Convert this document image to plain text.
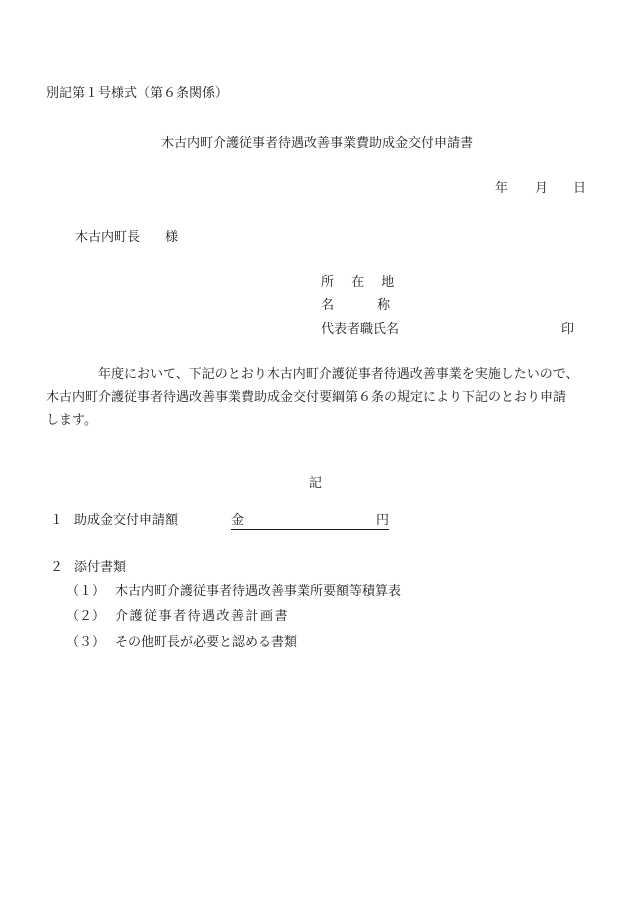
別記第１号様式（第６条関係）
木古内町介護従事者待遇改善事業費助成金交付申請書
年 月 日
木古内町長 様
所　 在　 地
名　　　 称
代表者職氏名	印
年度において、下記のとおり木古内町介護従事者待遇改善事業を実施したいので、
木古内町介護従事者待遇改善事業費助成金交付要綱第６条の規定により下記のとおり申請
します。
記
１ 助成金交付申請額	金	円
２ 添付書類
（１） 木古内町介護従事者待遇改善事業所要額等積算表
（２） 介護従事者待遇改善計画書
（３） その他町長が必要と認める書類
